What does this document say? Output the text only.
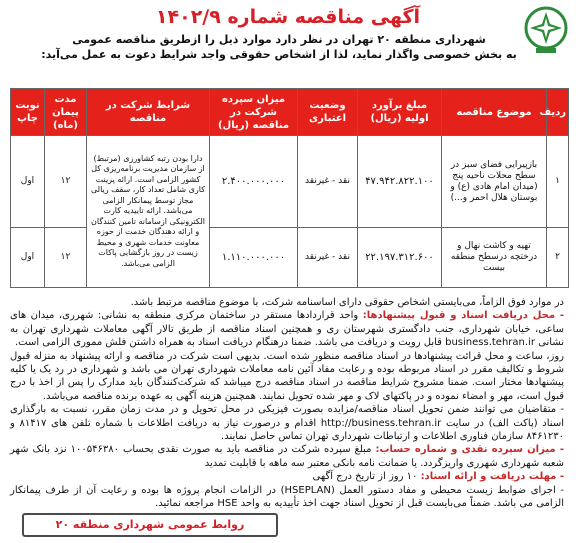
آگهی مناقصه شماره ۱۴۰۲/۹
شهرداری منطقه ۲۰ تهران در نظر دارد موارد ذیل را ازطریق مناقصه عمومی
به بخش خصوصی واگذار نماید، لذا از اشخاص حقوقی واجد شرایط دعوت به عمل می‌آید:
ردیف	موضوع مناقصه	مبلغ برآورد اولیه (ریال)	وضعیت اعتباری	میزان سپرده شرکت در مناقصه (ریال)	شرایط شرکت در مناقصه	مدت پیمان (ماه)	نوبت چاپ
۱	بازپیرایی فضای سبز در سطح محلات ناحیه پنج (میدان امام هادی (ع) و بوستان هلال احمر و...)	۴۷.۹۴۲.۸۲۲.۱۰۰	نقد - غیرنقد	۲.۴۰۰.۰۰۰.۰۰۰	دارا بودن رتبه کشاورزی (مرتبط) از سازمان مدیریت برنامه‌ریزی کل کشور الزامی است. ارائه پرینت کاری شامل تعداد کار، سقف ریالی مجاز توسط پیمانکار الزامی می‌باشد. ارائه تاییدیه کارت الکترونیکی ازسامانه تامین کنندگان و ارائه دهندگان خدمت از حوزه معاونت خدمات شهری و محیط زیست در روز بازگشایی پاکات الزامی می‌باشد.	۱۲	اول
۲	تهیه و کاشت نهال و درختچه درسطح منطقه بیست	۲۲.۱۹۷.۳۱۲.۶۰۰	نقد - غیرنقد	۱.۱۱۰.۰۰۰.۰۰۰		۱۲	اول

در موارد فوق الزاماً، می‌بایستی اشخاص حقوقی دارای اساسنامه شرکت، با موضوع مناقصه مرتبط باشد.

- محل دریافت اسناد و قبول پیشنهادها: واحد قراردادها مستقر در ساختمان مرکزی منطقه به نشانی: شهرری، میدان های ساعی، خیابان شهرداری، جنب دادگستری شهرستان ری و همچنین اسناد مناقصه از طریق تالار آگهی معاملات شهرداری تهران به نشانی business.tehran.ir قابل رویت و دریافت می باشد. ضمنا درهنگام دریافت اسناد به همراه داشتن فلش مموری الزامی است.

روز، ساعت و محل قرائت پیشنهادها در اسناد مناقصه منظور شده است. بدیهی است شرکت در مناقصه و ارائه پیشنهاد به منزله قبول شروط و تکالیف مقرر در اسناد مربوطه بوده و رعایت مفاد آئین نامه معاملات شهرداری تهران می باشد و شهرداری در رد یک یا کلیه پیشنهادها مختار است. ضمنا مشروح شرایط مناقصه در اسناد مناقصه درج میباشد که شرکت‌کنندگان باید مدارک را پس از اخذ با درج قبول است، مهر و امضاء نموده و در پاکتهای لاک و مهر شده تحویل نمایند. همچنین هزینه آگهی به عهده برنده مناقصه می‌باشد.

- متقاضیان می توانند ضمن تحویل اسناد مناقصه/مزایده بصورت فیزیکی در محل تحویل و در مدت زمان مقرر، نسبت به بارگذاری اسناد (پاکت الف) در سایت http://business.tehran.ir اقدام و درصورت نیاز به دریافت اطلاعات با شماره تلفن های ۸۱۴۱۷ و ۸۴۶۱۲۳۰ سازمان فناوری اطلاعات و ارتباطات شهرداری تهران تماس حاصل نمایند.

- میزان سپرده نقدی و شماره حساب: مبلغ سپرده شرکت در مناقصه باید به صورت نقدی بحساب ۱۰۰۵۴۶۳۸۰ نزد بانک شهر شعبه شهرداری شهرری واریزگردد. یا ضمانت نامه بانکی معتبر سه ماهه با قابلیت تمدید

- مهلت دریافت و ارائه اسناد: ۱۰ روز از تاریخ درج آگهی

- اجرای ضوابط زیست محیطی و مفاد دستور العمل (HSEPLAN) در الزامات انجام پروژه ها بوده و رعایت آن از طرف پیمانکار الزامی می باشد. ضمناً می‌بایست قبل از تحویل اسناد جهت اخذ تأییدیه به واحد HSE مراجعه نمائید.

روابط عمومی شهرداری منطقه ۲۰
